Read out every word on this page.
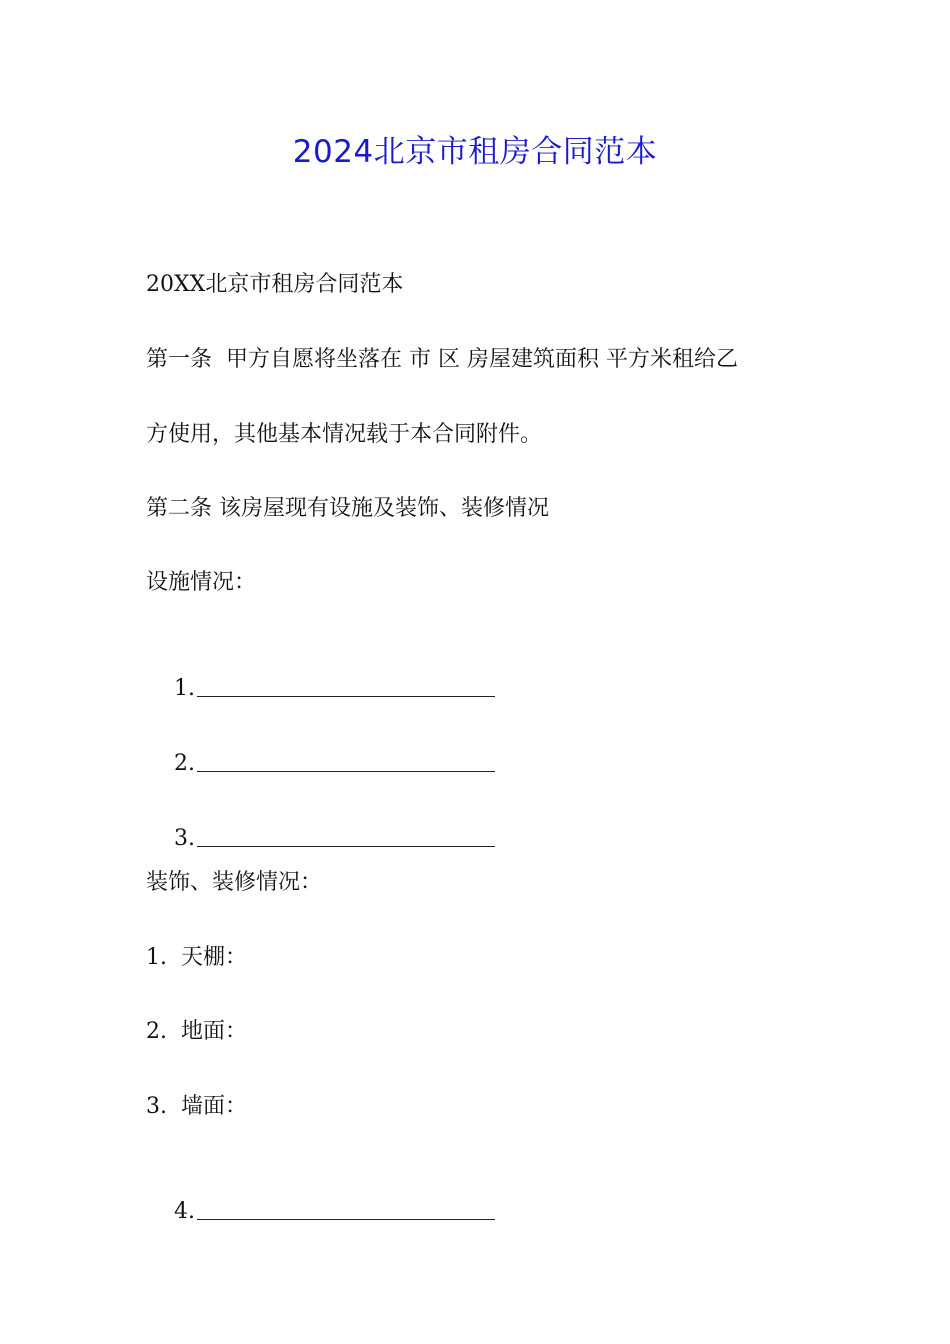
2024北京市租房合同范本
20XX北京市租房合同范本
第一条  甲方自愿将坐落在 市 区 房屋建筑面积 平方米租给乙
方使用，其他基本情况载于本合同附件。
第二条 该房屋现有设施及装饰、装修情况
设施情况：

1.

2.

3.

装饰、装修情况：
1.  天棚：
2.  地面：
3.  墙面：

4.
